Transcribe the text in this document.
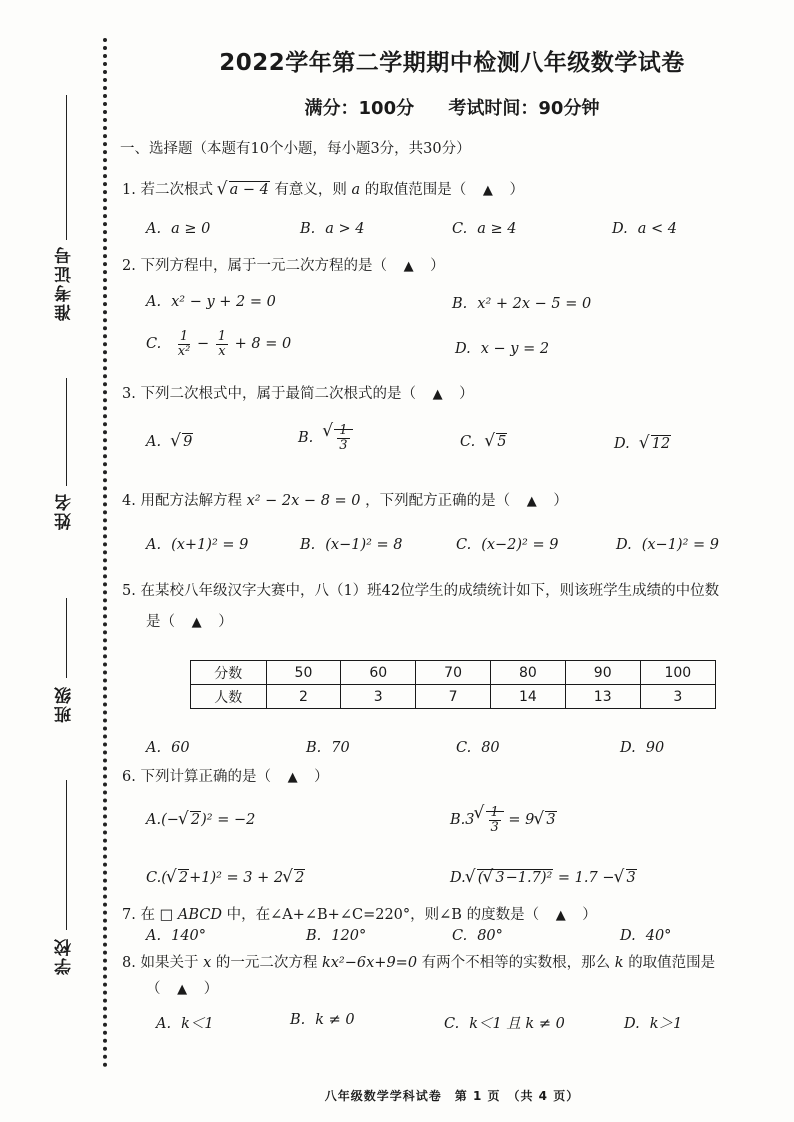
准考证号
姓名
班级
学校
2022学年第二学期期中检测八年级数学试卷
满分：100分 考试时间：90分钟
一、选择题（本题有10个小题，每小题3分，共30分）
1. 若二次根式 √ a − 4 有意义，则 a 的取值范围是（ ▲ ）
A. a ≥ 0	B. a > 4	C. a ≥ 4	D. a < 4
2. 下列方程中，属于一元二次方程的是（ ▲ ）
A. x² − y + 2 = 0	B. x² + 2x − 5 = 0
C. $\frac{1}{\text{x²}} - \frac{1}{x} + 8 = 0$	D. x − y = 2
3. 下列二次根式中，属于最简二次根式的是（ ▲ ）
A. √ 9	B. √ $\frac{1}{3}$	C. √ 5	D. √ 12
4. 用配方法解方程 x² − 2x − 8 = 0 ，下列配方正确的是（ ▲ ）
A. (x+1)² = 9	B. (x−1)² = 8	C. (x−2)² = 9	D. (x−1)² = 9
5. 在某校八年级汉字大赛中，八（1）班42位学生的成绩统计如下，则该班学生成绩的中位数
是（ ▲ ）
分数	50	60	70	80	90	100
人数	2	3	7	14	13	3
A. 60	B. 70	C. 80	D. 90
6. 下列计算正确的是（ ▲ ）
A.(− √ 2)² = −2	B.3 √ $\frac{1}{3} = 9$ √ 3
C.( √ 2+1)² = 3 + 2 √ 2	D. √ ( √ 3−1.7)² = 1.7 − √ 3
7. 在 □ ABCD 中，在∠A+∠B+∠C=220°，则∠B 的度数是（ ▲ ）
A. 140°	B. 120°	C. 80°	D. 40°
8. 如果关于 x 的一元二次方程 kx²−6x+9=0 有两个不相等的实数根，那么 k 的取值范围是
（ ▲ ）
A. k＜1	B. k ≠ 0	C. k＜1 且 k ≠ 0	D. k＞1
八年级数学学科试卷　第 1 页　（共 4 页）
